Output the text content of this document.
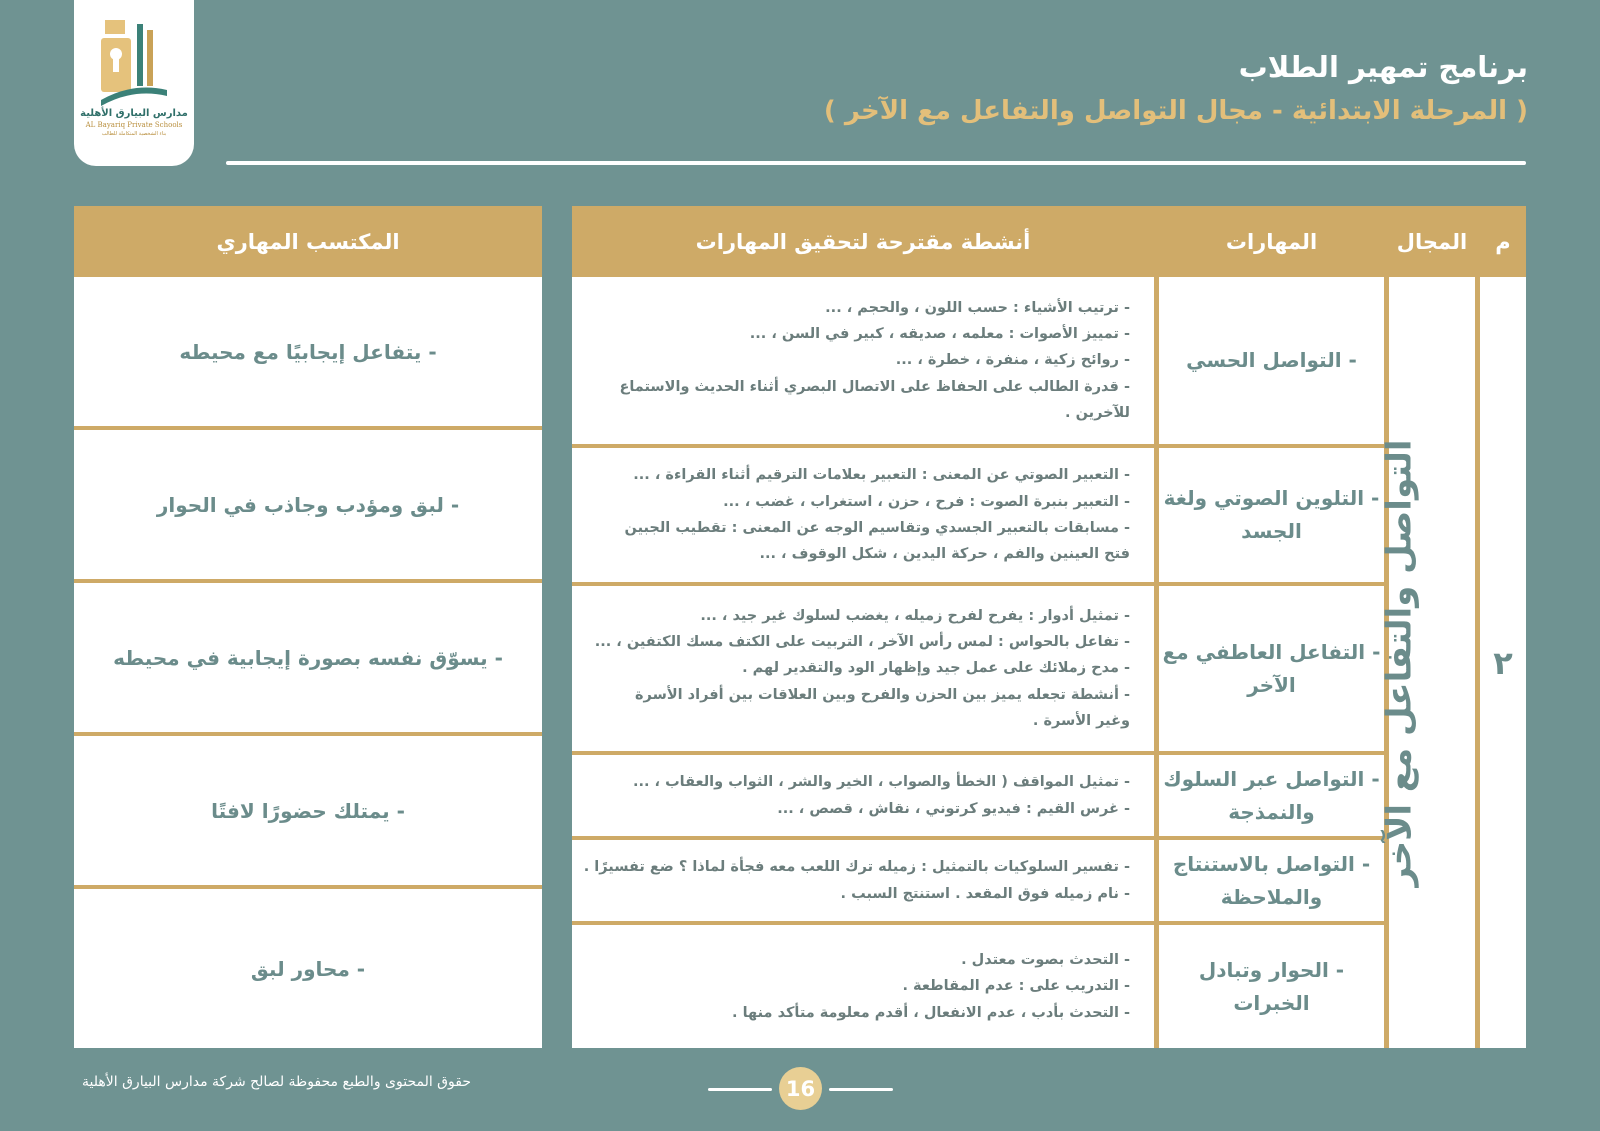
مدارس البيارق الأهلية
AL Bayariq Private Schools
بناء الشخصية المتكاملة للطالب
برنامج تمهير الطلاب
( المرحلة الابتدائية - مجال التواصل والتفاعل مع الآخر )
م
المجال
المهارات
أنشطة مقترحة لتحقيق المهارات
٢
التواصل والتفاعل مع الآخر
- التواصل الحسي
- ترتيب الأشياء : حسب اللون ، والحجم ، ...
- تمييز الأصوات : معلمه ، صديقه ، كبير في السن ، ...
- روائح زكية ، منفرة ، خطرة ، ...
- قدرة الطالب على الحفاظ على الاتصال البصري أثناء الحديث والاستماع
للآخرين .
- التلوين الصوتي ولغة الجسد
- التعبير الصوتي عن المعنى : التعبير بعلامات الترقيم أثناء القراءة ، ...
- التعبير بنبرة الصوت : فرح ، حزن ، استغراب ، غضب ، ...
- مسابقات بالتعبير الجسدي وتقاسيم الوجه عن المعنى : تقطيب الجبين
فتح العينين والفم ، حركة اليدين ، شكل الوقوف ، ...
- التفاعل العاطفي مع الآخر
- تمثيل أدوار : يفرح لفرح زميله ، يغضب لسلوك غير جيد ، ...
- تفاعل بالحواس : لمس رأس الآخر ، التربيت على الكتف مسك الكتفين ، ...
- مدح زملائك على عمل جيد وإظهار الود والتقدير لهم .
- أنشطة تجعله يميز بين الحزن والفرح وبين العلاقات بين أفراد الأسرة
وغير الأسرة .
- التواصل عبر السلوك والنمذجة
- تمثيل المواقف ( الخطأ والصواب ، الخير والشر ، الثواب والعقاب ، ...
- غرس القيم : فيديو كرتوني ، نقاش ، قصص ، ...
- التواصل بالاستنتاج والملاحظة
- تفسير السلوكيات بالتمثيل : زميله ترك اللعب معه فجأة لماذا ؟ ضع تفسيرًا .
- نام زميله فوق المقعد . استنتج السبب .
- الحوار وتبادل الخبرات
- التحدث بصوت معتدل .
- التدريب على : عدم المقاطعة .
- التحدث بأدب ، عدم الانفعال ، أقدم معلومة متأكد منها .
المكتسب المهاري
- يتفاعل إيجابيًا مع محيطه
- لبق ومؤدب وجاذب في الحوار
- يسوّق نفسه بصورة إيجابية في محيطه
- يمتلك حضورًا لافتًا
- محاور لبق
حقوق المحتوى والطبع محفوظة لصالح شركة مدارس البيارق الأهلية	16
